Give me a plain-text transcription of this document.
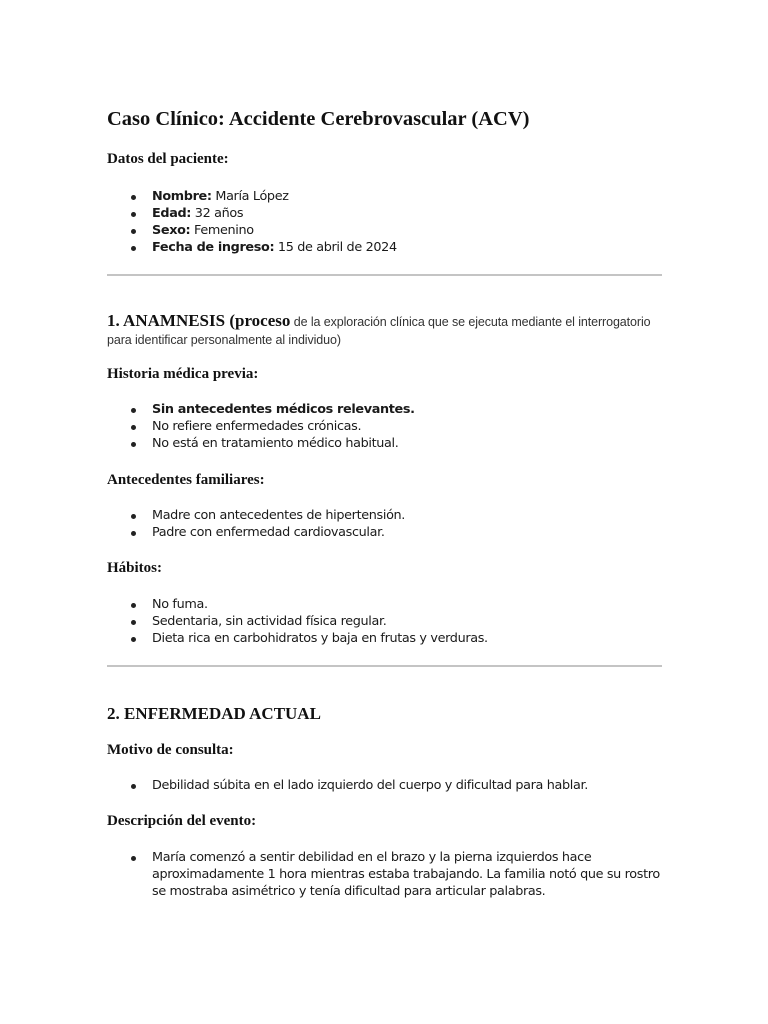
Caso Clínico: Accidente Cerebrovascular (ACV)
Datos del paciente:
Nombre: María López
Edad: 32 años
Sexo: Femenino
Fecha de ingreso: 15 de abril de 2024
1. ANAMNESIS (proceso de la exploración clínica que se ejecuta mediante el interrogatorio para identificar personalmente al individuo)
Historia médica previa:
Sin antecedentes médicos relevantes.
No refiere enfermedades crónicas.
No está en tratamiento médico habitual.
Antecedentes familiares:
Madre con antecedentes de hipertensión.
Padre con enfermedad cardiovascular.
Hábitos:
No fuma.
Sedentaria, sin actividad física regular.
Dieta rica en carbohidratos y baja en frutas y verduras.
2. ENFERMEDAD ACTUAL
Motivo de consulta:
Debilidad súbita en el lado izquierdo del cuerpo y dificultad para hablar.
Descripción del evento:
María comenzó a sentir debilidad en el brazo y la pierna izquierdos hace aproximadamente 1 hora mientras estaba trabajando. La familia notó que su rostro se mostraba asimétrico y tenía dificultad para articular palabras.
